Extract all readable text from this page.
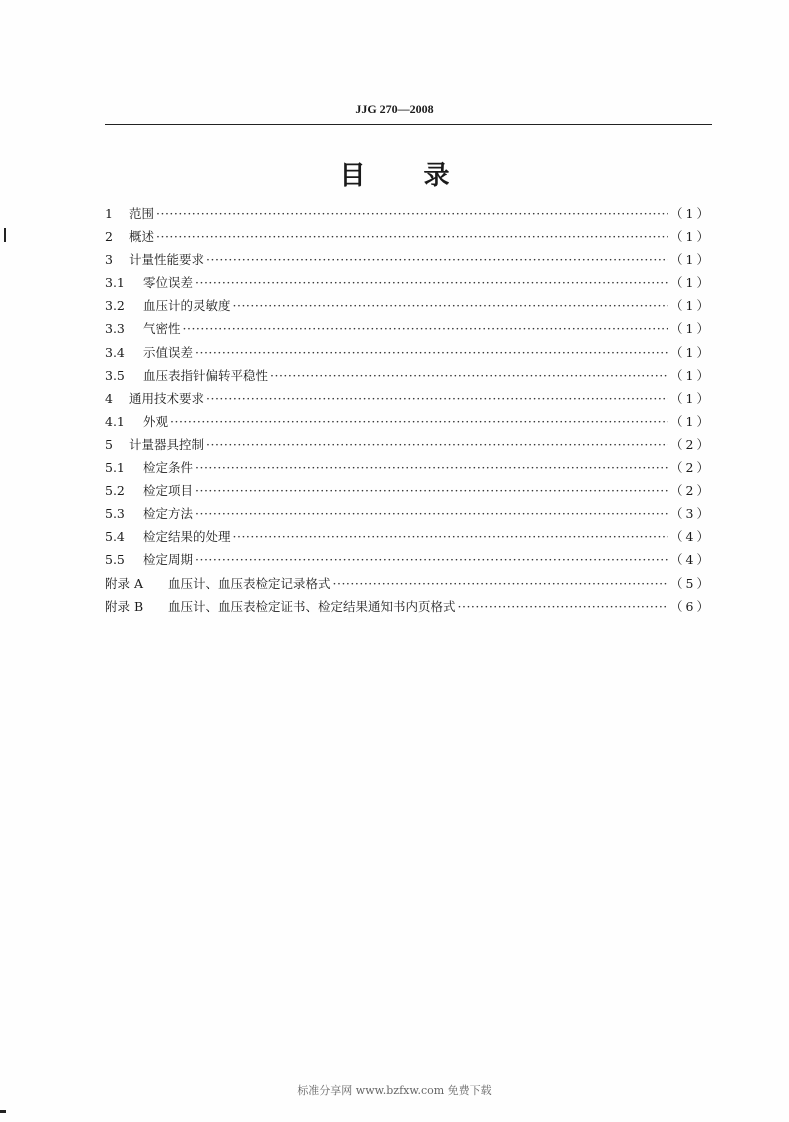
JJG 270—2008
目录
1	范围 ·····	（1）
2	概述 ·····	（1）
3	计量性能要求 ·····	（1）
3.1	零位误差 ·····	（1）
3.2	血压计的灵敏度 ·····	（1）
3.3	气密性 ·····	（1）
3.4	示值误差 ·····	（1）
3.5	血压表指针偏转平稳性 ·····	（1）
4	通用技术要求 ·····	（1）
4.1	外观 ·····	（1）
5	计量器具控制 ·····	（2）
5.1	检定条件 ·····	（2）
5.2	检定项目 ·····	（2）
5.3	检定方法 ·····	（3）
5.4	检定结果的处理 ·····	（4）
5.5	检定周期 ·····	（4）
附录 A	血压计、血压表检定记录格式 ·····	（5）
附录 B	血压计、血压表检定证书、检定结果通知书内页格式 ·····	（6）
标准分享网 www.bzfxw.com 免费下载
